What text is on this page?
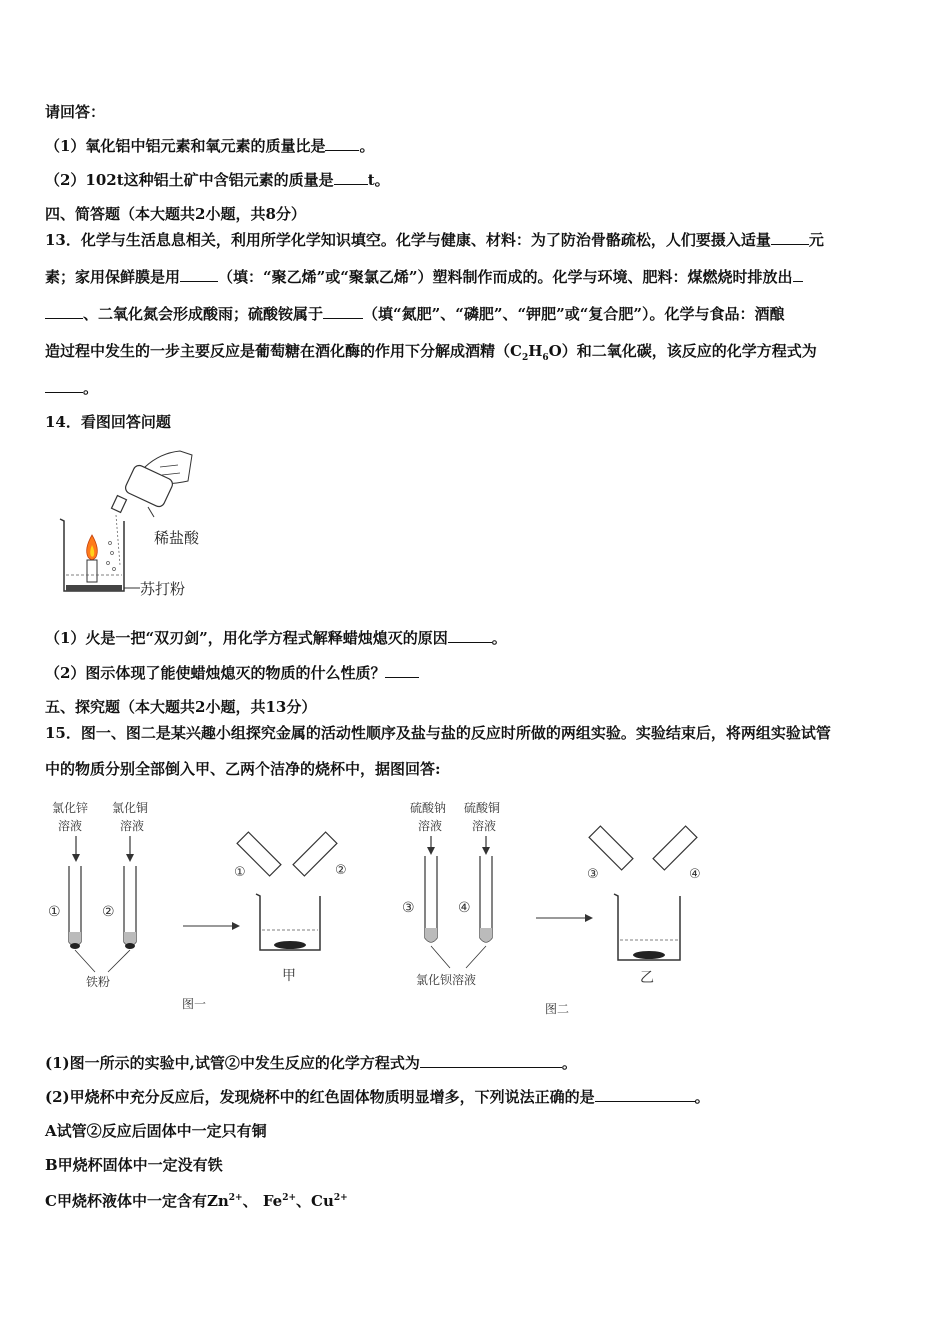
请回答：
（1）氧化铝中铝元素和氧元素的质量比是 。
（2）102t这种铝土矿中含铝元素的质量是 t。
四、简答题（本大题共2小题，共8分）
13．化学与生活息息相关，利用所学化学知识填空。化学与健康、材料：为了防治骨骼疏松，人们要摄入适量	元
素；家用保鲜膜是用	（填：“聚乙烯”或“聚氯乙烯”）塑料制作而成的。化学与环境、肥料：煤燃烧时排放出
、二氧化氮会形成酸雨；硫酸铵属于	（填“氮肥”、“磷肥”、“钾肥”或“复合肥”）。化学与食品：酒酿
造过程中发生的一步主要反应是葡萄糖在酒化酶的作用下分解成酒精$(C_2H_6O)$和二氧化碳，该反应的化学方程式为
。
14．看图回答问题
稀盐酸
苏打粉
（1）火是一把“双刃剑”，用化学方程式解释蜡烛熄灭的原因	。
（2）图示体现了能使蜡烛熄灭的物质的什么性质？
五、探究题（本大题共2小题，共13分）
15．图一、图二是某兴趣小组探究金属的活动性顺序及盐与盐的反应时所做的两组实验。实验结束后，将两组实验试管
中的物质分别全部倒入甲、乙两个洁净的烧杯中，据图回答:
氯化锌
溶液
氯化铜
溶液
①	②
铁粉
①	②
甲
图一
硫酸钠
溶液
硫酸铜
溶液
③	④
氯化钡溶液
③	④
乙
图二
(1)图一所示的实验中,试管②中发生反应的化学方程式为	。
(2)甲烧杯中充分反应后，发现烧杯中的红色固体物质明显增多，下列说法正确的是	。
A试管②反应后固体中一定只有铜
B甲烧杯固体中一定没有铁
C甲烧杯液体中一定含有$Zn^{2+}$、 $Fe^{2+}$、$Cu^{2+}$
